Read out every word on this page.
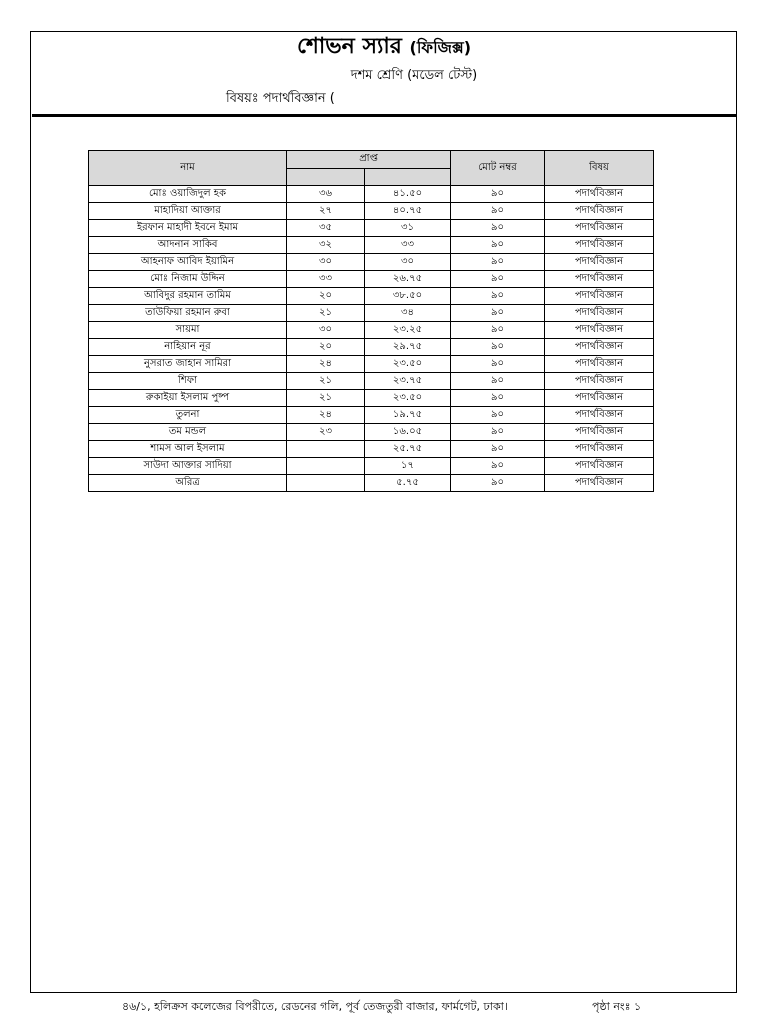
শোভন স্যার (ফিজিক্স)
দশম শ্রেণি (মডেল টেস্ট)
বিষয়ঃ পদার্থবিজ্ঞান (
নাম	প্রাপ্ত		মোট নম্বর	বিষয়

মোঃ ওয়াজিদুল হক	৩৬	৪১.৫০	৯০	পদার্থবিজ্ঞান
মাহাদিয়া আক্তার	২৭	৪০.৭৫	৯০	পদার্থবিজ্ঞান
ইরফান মাহাদী ইবনে ইমাম	৩৫	৩১	৯০	পদার্থবিজ্ঞান
আদনান সাকিব	৩২	৩৩	৯০	পদার্থবিজ্ঞান
আহনাফ আবিদ ইয়ামিন	৩০	৩০	৯০	পদার্থবিজ্ঞান
মোঃ নিজাম উদ্দিন	৩৩	২৬.৭৫	৯০	পদার্থবিজ্ঞান
আবিদুর রহমান তামিম	২০	৩৮.৫০	৯০	পদার্থবিজ্ঞান
তাউফিয়া রহমান রুবা	২১	৩৪	৯০	পদার্থবিজ্ঞান
সায়মা	৩০	২৩.২৫	৯০	পদার্থবিজ্ঞান
নাহিয়ান নূর	২০	২৯.৭৫	৯০	পদার্থবিজ্ঞান
নুসরাত জাহান সামিরা	২৪	২৩.৫০	৯০	পদার্থবিজ্ঞান
শিফা	২১	২৩.৭৫	৯০	পদার্থবিজ্ঞান
রুকাইয়া ইসলাম পুষ্প	২১	২৩.৫০	৯০	পদার্থবিজ্ঞান
তুলনা	২৪	১৯.৭৫	৯০	পদার্থবিজ্ঞান
তম মন্ডল	২৩	১৬.০৫	৯০	পদার্থবিজ্ঞান
শামস আল ইসলাম		২৫.৭৫	৯০	পদার্থবিজ্ঞান
সাউদা আক্তার সাদিয়া		১৭	৯০	পদার্থবিজ্ঞান
অরিত্র		৫.৭৫	৯০	পদার্থবিজ্ঞান
৪৬/১, হলিক্রস কলেজের বিপরীতে, রেডনের গলি, পূর্ব তেজতুরী বাজার, ফার্মগেট, ঢাকা।	পৃষ্ঠা নংঃ ১
